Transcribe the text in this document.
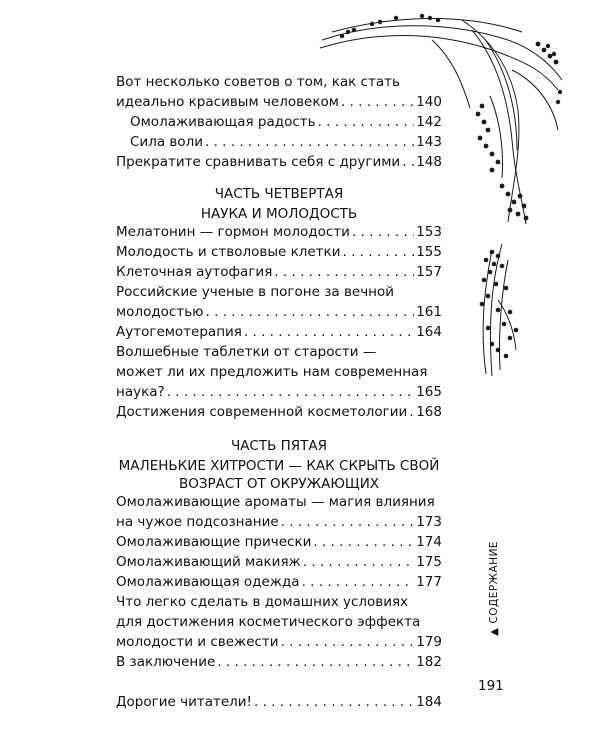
Вот несколько советов о том, как стать
идеально красивым человеком . . .	140
Омолаживающая радость . . .	142
Сила воли . . .	143
Прекратите сравнивать себя с другими . . . 148
ЧАСТЬ ЧЕТВЕРТАЯ
НАУКА И МОЛОДОСТЬ
Мелатонин — гормон молодости . . .	153
Молодость и стволовые клетки . . .	155
Клеточная аутофагия . . .	157
Российские ученые в погоне за вечной
молодостью . . .	161
Аутогемотерапия . . .	164
Волшебные таблетки от старости —
может ли их предложить нам современная
наука? . . .	165
Достижения современной косметологии . . . 168
ЧАСТЬ ПЯТАЯ
МАЛЕНЬКИЕ ХИТРОСТИ — КАК СКРЫТЬ СВОЙ
ВОЗРАСТ ОТ ОКРУЖАЮЩИХ
Омолаживающие ароматы — магия влияния
на чужое подсознание . . .	173
Омолаживающие прически . . .	174
Омолаживающий макияж . . .	175
Омолаживающая одежда . . .	177
Что легко сделать в домашних условиях
для достижения косметического эффекта
молодости и свежести . . .	179
В заключение . . .	182
Дорогие читатели! . . .	184
▲ СОДЕРЖАНИЕ
191
